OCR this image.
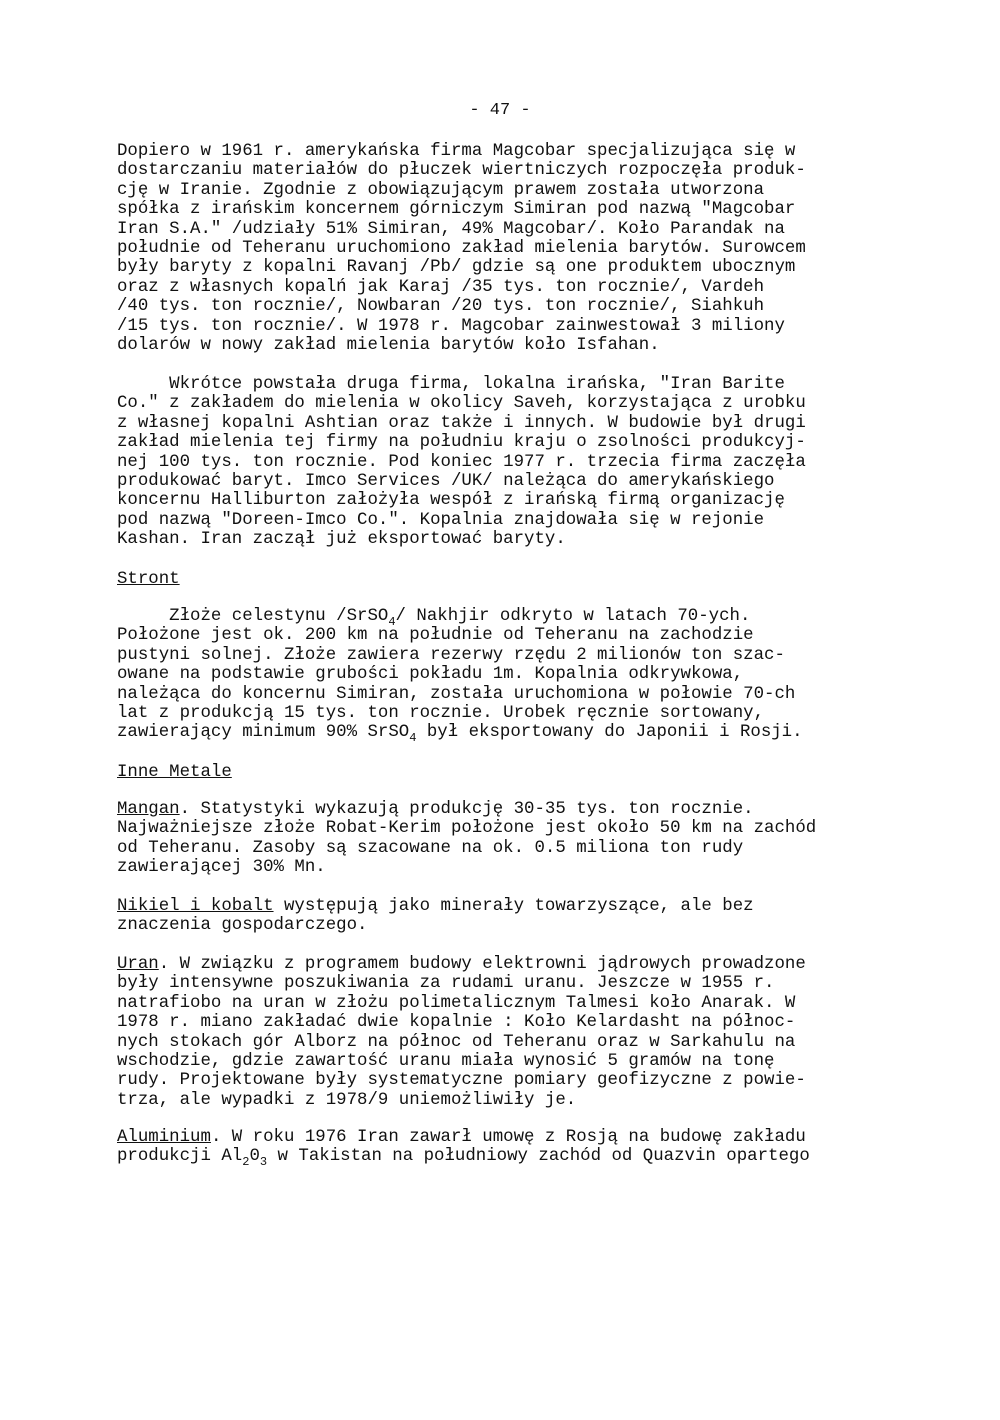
- 47 -
Dopiero w 1961 r. amerykańska firma Magcobar specjalizująca się w
dostarczaniu materiałów do płuczek wiertniczych rozpoczęła produk-
cję w Iranie. Zgodnie z obowiązującym prawem została utworzona
spółka z irańskim koncernem górniczym Simiran pod nazwą "Magcobar
Iran S.A." /udziały 51% Simiran, 49% Magcobar/. Koło Parandak na
południe od Teheranu uruchomiono zakład mielenia barytów. Surowcem
były baryty z kopalni Ravanj /Pb/ gdzie są one produktem ubocznym
oraz z własnych kopalń jak Karaj /35 tys. ton rocznie/, Vardeh
/40 tys. ton rocznie/, Nowbaran /20 tys. ton rocznie/, Siahkuh
/15 tys. ton rocznie/. W 1978 r. Magcobar zainwestował 3 miliony
dolarów w nowy zakład mielenia barytów koło Isfahan.
Wkrótce powstała druga firma, lokalna irańska, "Iran Barite
Co." z zakładem do mielenia w okolicy Saveh, korzystająca z urobku
z własnej kopalni Ashtian oraz także i innych. W budowie był drugi
zakład mielenia tej firmy na południu kraju o zsolności produkcyj-
nej 100 tys. ton rocznie. Pod koniec 1977 r. trzecia firma zaczęła
produkować baryt. Imco Services /UK/ należąca do amerykańskiego
koncernu Halliburton założyła wespół z irańską firmą organizację
pod nazwą "Doreen-Imco Co.". Kopalnia znajdowała się w rejonie
Kashan. Iran zaczął już eksportować baryty.
Stront
Złoże celestynu /SrSO$_4$/ Nakhjir odkryto w latach 70-ych.
Położone jest ok. 200 km na południe od Teheranu na zachodzie
pustyni solnej. Złoże zawiera rezerwy rzędu 2 milionów ton szac-
owane na podstawie grubości pokładu 1m. Kopalnia odkrywkowa,
należąca do koncernu Simiran, została uruchomiona w połowie 70-ch
lat z produkcją 15 tys. ton rocznie. Urobek ręcznie sortowany,
zawierający minimum 90% SrSO$_4$ był eksportowany do Japonii i Rosji.
Inne Metale
Mangan. Statystyki wykazują produkcję 30-35 tys. ton rocznie.
Najważniejsze złoże Robat-Kerim położone jest około 50 km na zachód
od Teheranu. Zasoby są szacowane na ok. 0.5 miliona ton rudy
zawierającej 30% Mn.
Nikiel i kobalt występują jako minerały towarzyszące, ale bez
znaczenia gospodarczego.
Uran. W związku z programem budowy elektrowni jądrowych prowadzone
były intensywne poszukiwania za rudami uranu. Jeszcze w 1955 r.
natrafiobo na uran w złożu polimetalicznym Talmesi koło Anarak. W
1978 r. miano zakładać dwie kopalnie : Koło Kelardasht na północ-
nych stokach gór Alborz na północ od Teheranu oraz w Sarkahulu na
wschodzie, gdzie zawartość uranu miała wynosić 5 gramów na tonę
rudy. Projektowane były systematyczne pomiary geofizyczne z powie-
trza, ale wypadki z 1978/9 uniemożliwiły je.
Aluminium. W roku 1976 Iran zawarł umowę z Rosją na budowę zakładu
produkcji $Al_20_3$ w Takistan na południowy zachód od Quazvin opartego
